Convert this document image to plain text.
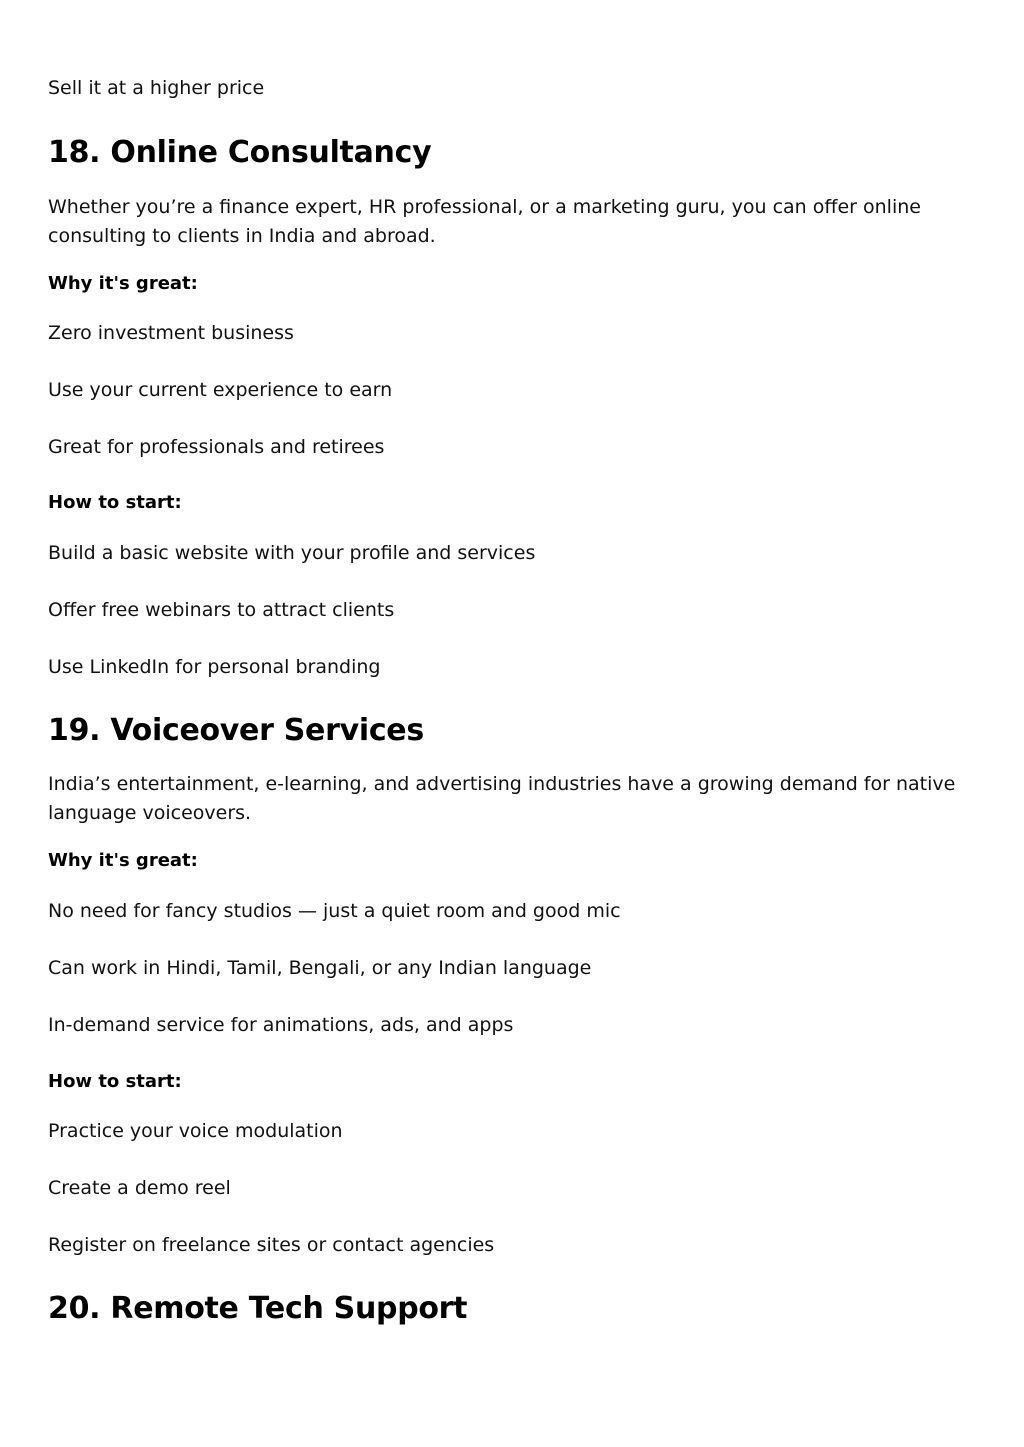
Sell it at a higher price

18. Online Consultancy

Whether you’re a finance expert, HR professional, or a marketing guru, you can offer online consulting to clients in India and abroad.

Why it's great:

Zero investment business

Use your current experience to earn

Great for professionals and retirees

How to start:

Build a basic website with your profile and services

Offer free webinars to attract clients

Use LinkedIn for personal branding

19. Voiceover Services

India’s entertainment, e-learning, and advertising industries have a growing demand for native language voiceovers.

Why it's great:

No need for fancy studios — just a quiet room and good mic

Can work in Hindi, Tamil, Bengali, or any Indian language

In-demand service for animations, ads, and apps

How to start:

Practice your voice modulation

Create a demo reel

Register on freelance sites or contact agencies

20. Remote Tech Support
